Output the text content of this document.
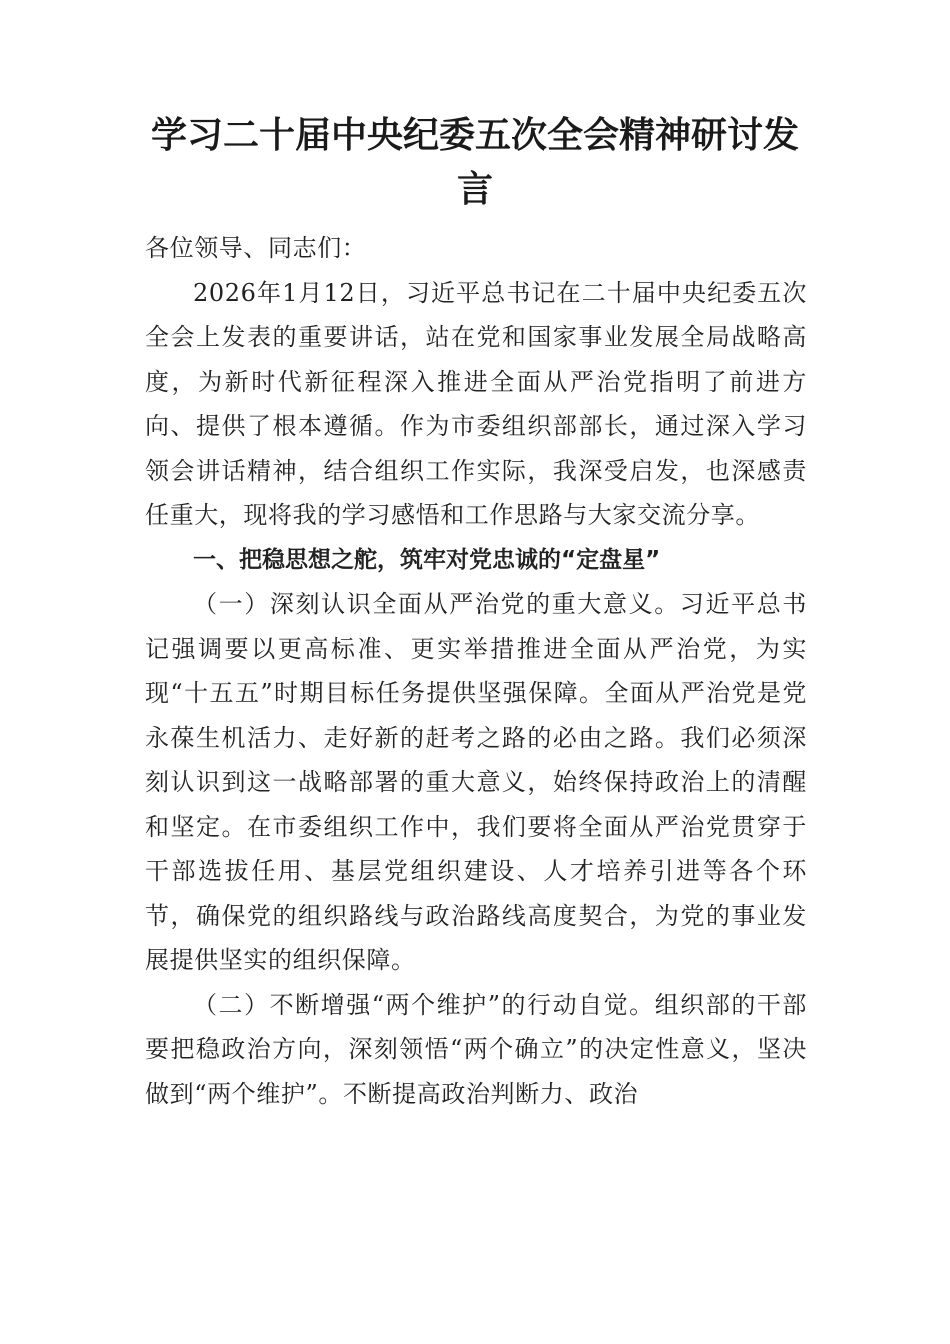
学习二十届中央纪委五次全会精神研讨发言

各位领导、同志们：

2026年1月12日，习近平总书记在二十届中央纪委五次全会上发表的重要讲话，站在党和国家事业发展全局战略高度，为新时代新征程深入推进全面从严治党指明了前进方向、提供了根本遵循。作为市委组织部部长，通过深入学习领会讲话精神，结合组织工作实际，我深受启发，也深感责任重大，现将我的学习感悟和工作思路与大家交流分享。

一、把稳思想之舵，筑牢对党忠诚的“定盘星”

（一）深刻认识全面从严治党的重大意义。习近平总书记强调要以更高标准、更实举措推进全面从严治党，为实现“十五五”时期目标任务提供坚强保障。全面从严治党是党永葆生机活力、走好新的赶考之路的必由之路。我们必须深刻认识到这一战略部署的重大意义，始终保持政治上的清醒和坚定。在市委组织工作中，我们要将全面从严治党贯穿于干部选拔任用、基层党组织建设、人才培养引进等各个环节，确保党的组织路线与政治路线高度契合，为党的事业发展提供坚实的组织保障。

（二）不断增强“两个维护”的行动自觉。组织部的干部要把稳政治方向，深刻领悟“两个确立”的决定性意义，坚决做到“两个维护”。不断提高政治判断力、政治
